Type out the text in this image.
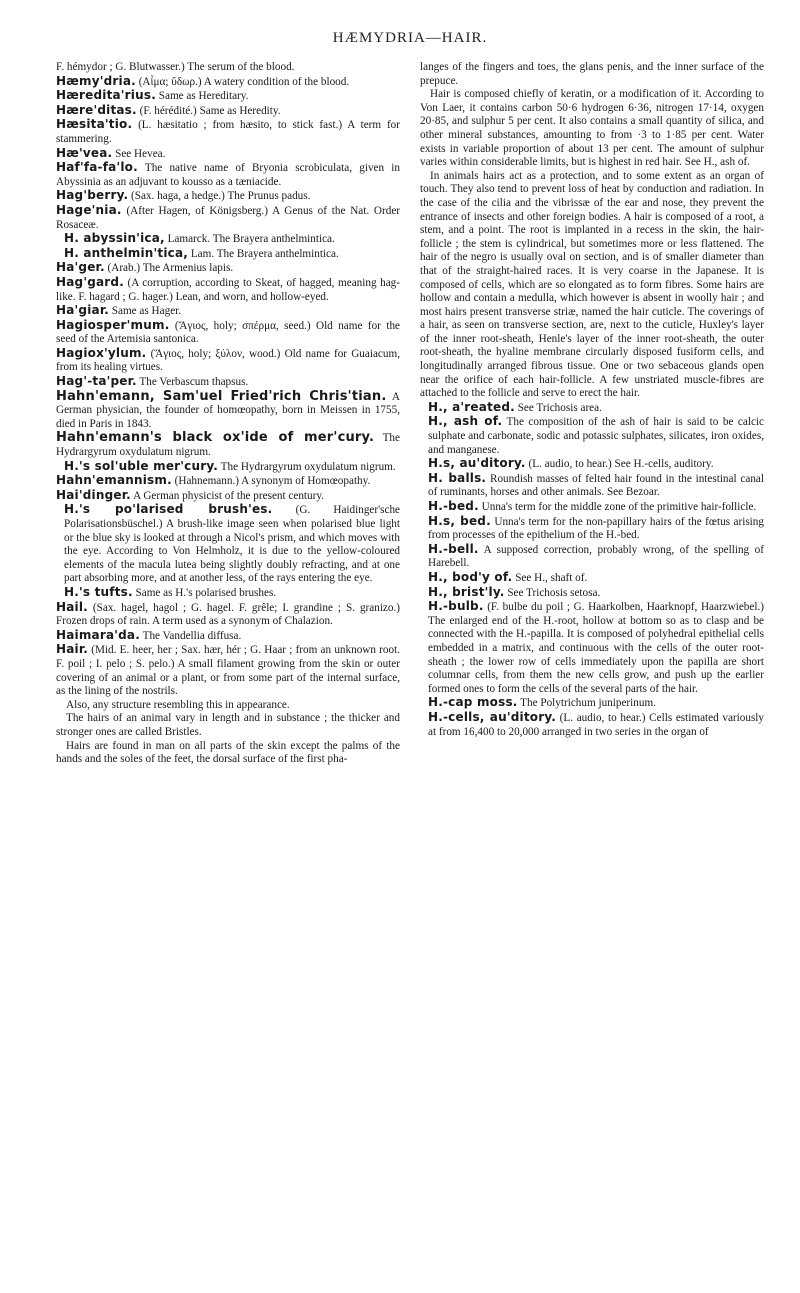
HÆMYDRIA—HAIR.

F. hémydor ; G. Blutwasser.) The serum of the blood.

Hæmy'dria. (Αἷμα; ὕδωρ.) A watery condition of the blood.

Hæredita'rius. Same as Hereditary.

Hære'ditas. (F. hérédité.) Same as Heredity.

Hæsita'tio. (L. hæsitatio ; from hæsito, to stick fast.) A term for stammering.

Hæ'vea. See Hevea.

Haf'fa-fa'lo. The native name of Bryonia scrobiculata, given in Abyssinia as an adjuvant to kousso as a tæniacide.

Hag'berry. (Sax. haga, a hedge.) The Prunus padus.

Hage'nia. (After Hagen, of Königsberg.) A Genus of the Nat. Order Rosaceæ.

H. abyssin'ica, Lamarck. The Brayera anthelmintica.

H. anthelmin'tica, Lam. The Brayera anthelmintica.

Ha'ger. (Arab.) The Armenius lapis.

Hag'gard. (A corruption, according to Skeat, of hagged, meaning hag-like. F. hagard ; G. hager.) Lean, and worn, and hollow-eyed.

Ha'giar. Same as Hager.

Hagiosper'mum. (Ἅγιος, holy; σπέρμα, seed.) Old name for the seed of the Artemisia santonica.

Hagiox'ylum. (Ἅγιος, holy; ξύλον, wood.) Old name for Guaiacum, from its healing virtues.

Hag'-ta'per. The Verbascum thapsus.

Hahn'emann, Sam'uel Fried'rich Chris'tian. A German physician, the founder of homœopathy, born in Meissen in 1755, died in Paris in 1843.

Hahn'emann's black ox'ide of mer'cury. The Hydrargyrum oxydulatum nigrum.

H.'s sol'uble mer'cury. The Hydrargyrum oxydulatum nigrum.

Hahn'emannism. (Hahnemann.) A synonym of Homœopathy.

Hai'dinger. A German physicist of the present century.

H.'s po'larised brush'es. (G. Haidinger'sche Polarisationsbüschel.) A brush-like image seen when polarised blue light or the blue sky is looked at through a Nicol's prism, and which moves with the eye. According to Von Helmholz, it is due to the yellow-coloured elements of the macula lutea being slightly doubly refracting, and at one part absorbing more, and at another less, of the rays entering the eye.

H.'s tufts. Same as H.'s polarised brushes.

Hail. (Sax. hagel, hagol ; G. hagel. F. grêle; I. grandine ; S. granizo.) Frozen drops of rain. A term used as a synonym of Chalazion.

Haimara'da. The Vandellia diffusa.

Hair. (Mid. E. heer, her ; Sax. hær, hér ; G. Haar ; from an unknown root. F. poil ; I. pelo ; S. pelo.) A small filament growing from the skin or outer covering of an animal or a plant, or from some part of the internal surface, as the lining of the nostrils.

Also, any structure resembling this in appearance.

The hairs of an animal vary in length and in substance ; the thicker and stronger ones are called Bristles.

Hairs are found in man on all parts of the skin except the palms of the hands and the soles of the feet, the dorsal surface of the first pha-

langes of the fingers and toes, the glans penis, and the inner surface of the prepuce.

Hair is composed chiefly of keratin, or a modification of it. According to Von Laer, it contains carbon 50·6 hydrogen 6·36, nitrogen 17·14, oxygen 20·85, and sulphur 5 per cent. It also contains a small quantity of silica, and other mineral substances, amounting to from ·3 to 1·85 per cent. Water exists in variable proportion of about 13 per cent. The amount of sulphur varies within considerable limits, but is highest in red hair. See H., ash of.

In animals hairs act as a protection, and to some extent as an organ of touch. They also tend to prevent loss of heat by conduction and radiation. In the case of the cilia and the vibrissæ of the ear and nose, they prevent the entrance of insects and other foreign bodies. A hair is composed of a root, a stem, and a point. The root is implanted in a recess in the skin, the hair-follicle ; the stem is cylindrical, but sometimes more or less flattened. The hair of the negro is usually oval on section, and is of smaller diameter than that of the straight-haired races. It is very coarse in the Japanese. It is composed of cells, which are so elongated as to form fibres. Some hairs are hollow and contain a medulla, which however is absent in woolly hair ; and most hairs present transverse striæ, named the hair cuticle. The coverings of a hair, as seen on transverse section, are, next to the cuticle, Huxley's layer of the inner root-sheath, Henle's layer of the inner root-sheath, the outer root-sheath, the hyaline membrane circularly disposed fusiform cells, and longitudinally arranged fibrous tissue. One or two sebaceous glands open near the orifice of each hair-follicle. A few unstriated muscle-fibres are attached to the follicle and serve to erect the hair.

H., a'reated. See Trichosis area.

H., ash of. The composition of the ash of hair is said to be calcic sulphate and carbonate, sodic and potassic sulphates, silicates, iron oxides, and manganese.

H.s, au'ditory. (L. audio, to hear.) See H.-cells, auditory.

H. balls. Roundish masses of felted hair found in the intestinal canal of ruminants, horses and other animals. See Bezoar.

H.-bed. Unna's term for the middle zone of the primitive hair-follicle.

H.s, bed. Unna's term for the non-papillary hairs of the fœtus arising from processes of the epithelium of the H.-bed.

H.-bell. A supposed correction, probably wrong, of the spelling of Harebell.

H., bod'y of. See H., shaft of.

H., brist'ly. See Trichosis setosa.

H.-bulb. (F. bulbe du poil ; G. Haarkolben, Haarknopf, Haarzwiebel.) The enlarged end of the H.-root, hollow at bottom so as to clasp and be connected with the H.-papilla. It is composed of polyhedral epithelial cells embedded in a matrix, and continuous with the cells of the outer root-sheath ; the lower row of cells immediately upon the papilla are short columnar cells, from them the new cells grow, and push up the earlier formed ones to form the cells of the several parts of the hair.

H.-cap moss. The Polytrichum juniperinum.

H.-cells, au'ditory. (L. audio, to hear.) Cells estimated variously at from 16,400 to 20,000 arranged in two series in the organ of
